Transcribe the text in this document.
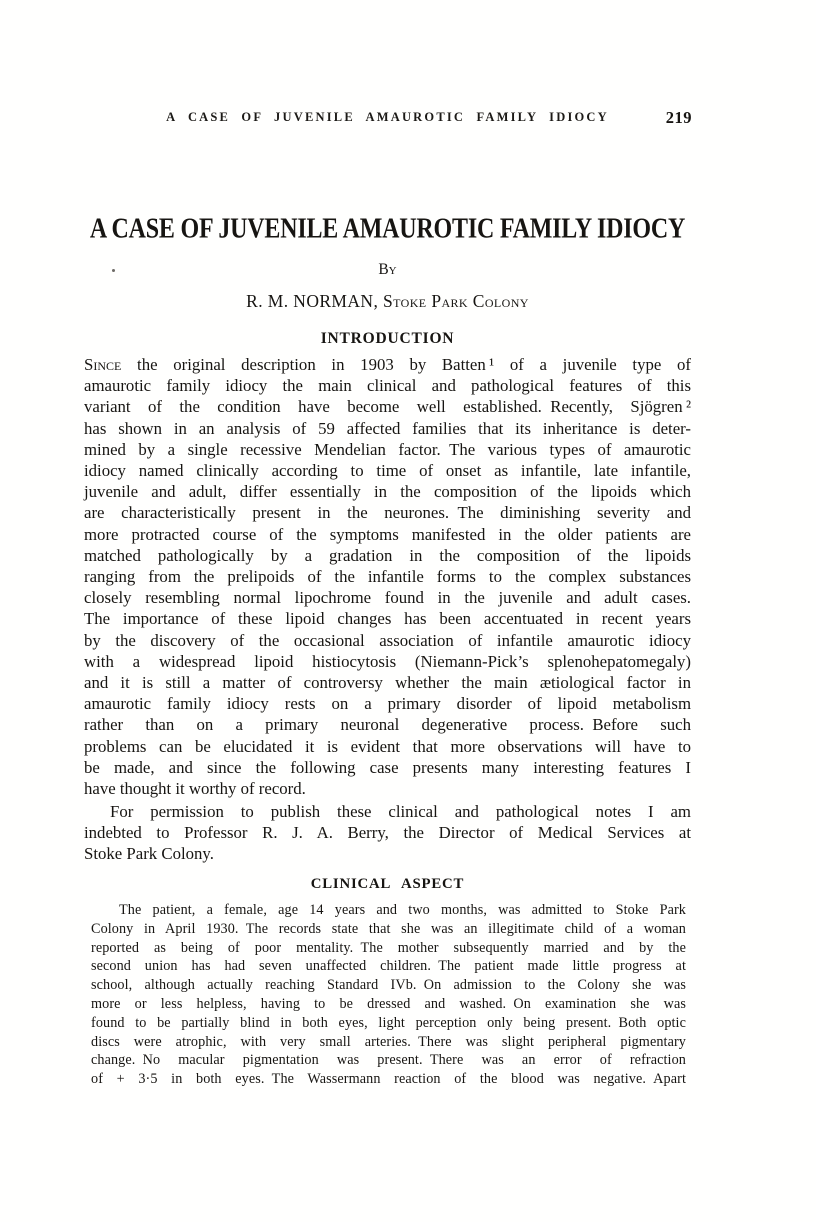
A CASE OF JUVENILE AMAUROTIC FAMILY IDIOCY	219
A CASE OF JUVENILE AMAUROTIC FAMILY IDIOCY
By
R. M. NORMAN, Stoke Park Colony
INTRODUCTION
Since the original description in 1903 by Batten ¹ of a juvenile type of
amaurotic family idiocy the main clinical and pathological features of this
variant of the condition have become well established. Recently, Sjögren ²
has shown in an analysis of 59 affected families that its inheritance is deter-
mined by a single recessive Mendelian factor. The various types of amaurotic
idiocy named clinically according to time of onset as infantile, late infantile,
juvenile and adult, differ essentially in the composition of the lipoids which
are characteristically present in the neurones. The diminishing severity and
more protracted course of the symptoms manifested in the older patients are
matched pathologically by a gradation in the composition of the lipoids
ranging from the prelipoids of the infantile forms to the complex substances
closely resembling normal lipochrome found in the juvenile and adult cases.
The importance of these lipoid changes has been accentuated in recent years
by the discovery of the occasional association of infantile amaurotic idiocy
with a widespread lipoid histiocytosis (Niemann-Pick’s splenohepatomegaly)
and it is still a matter of controversy whether the main ætiological factor in
amaurotic family idiocy rests on a primary disorder of lipoid metabolism
rather than on a primary neuronal degenerative process. Before such
problems can be elucidated it is evident that more observations will have to
be made, and since the following case presents many interesting features I
have thought it worthy of record.
For permission to publish these clinical and pathological notes I am
indebted to Professor R. J. A. Berry, the Director of Medical Services at
Stoke Park Colony.
CLINICAL ASPECT
The patient, a female, age 14 years and two months, was admitted to Stoke Park
Colony in April 1930. The records state that she was an illegitimate child of a woman
reported as being of poor mentality. The mother subsequently married and by the
second union has had seven unaffected children. The patient made little progress at
school, although actually reaching Standard IVb. On admission to the Colony she was
more or less helpless, having to be dressed and washed. On examination she was
found to be partially blind in both eyes, light perception only being present. Both optic
discs were atrophic, with very small arteries. There was slight peripheral pigmentary
change. No macular pigmentation was present. There was an error of refraction
of + 3·5 in both eyes. The Wassermann reaction of the blood was negative. Apart
